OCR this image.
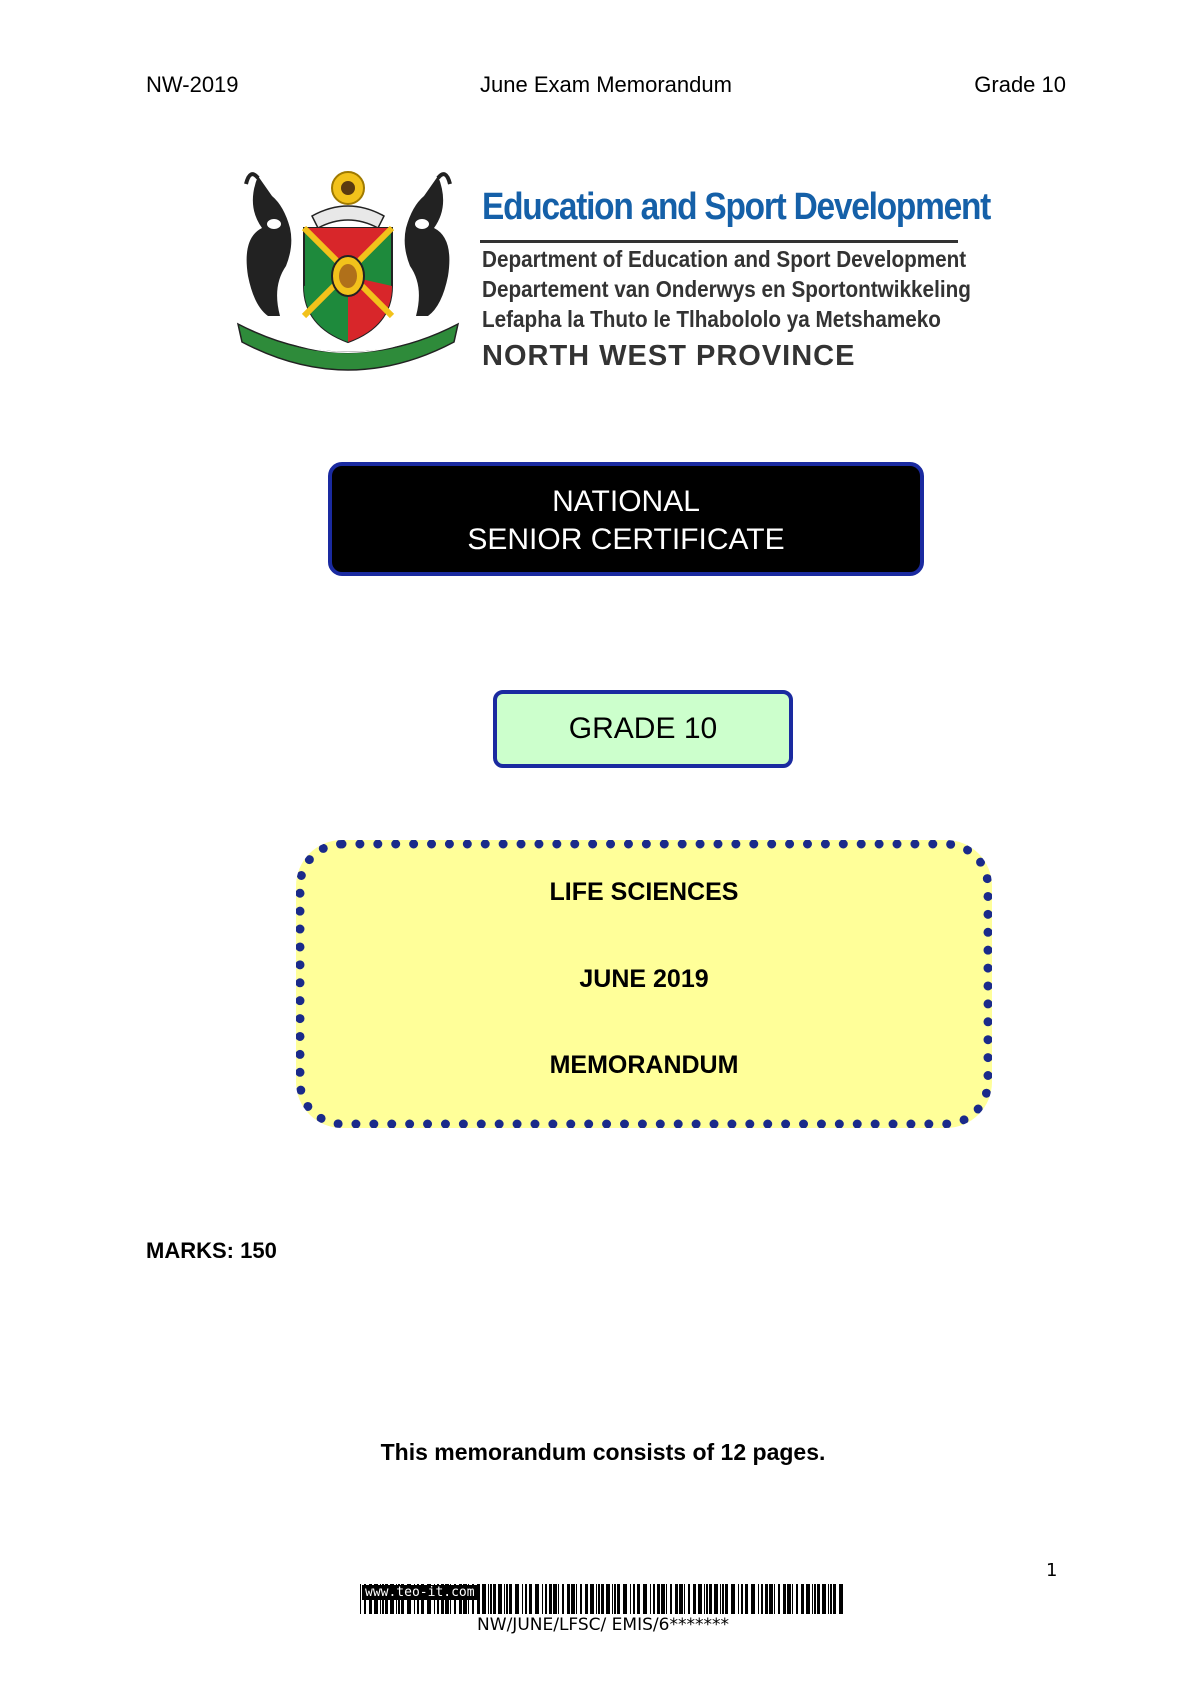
NW-2019	June Exam Memorandum	Grade 10
Education and Sport Development
Department of Education and Sport Development
Departement van Onderwys en Sportontwikkeling
Lefapha la Thuto le Tlhabololo ya Metshameko
NORTH WEST PROVINCE
NATIONAL
SENIOR CERTIFICATE
GRADE 10
LIFE SCIENCES
JUNE 2019
MEMORANDUM
MARKS: 150
This memorandum consists of 12 pages.
1
www.teo-it.com
NW/JUNE/LFSC/ EMIS/6*******
